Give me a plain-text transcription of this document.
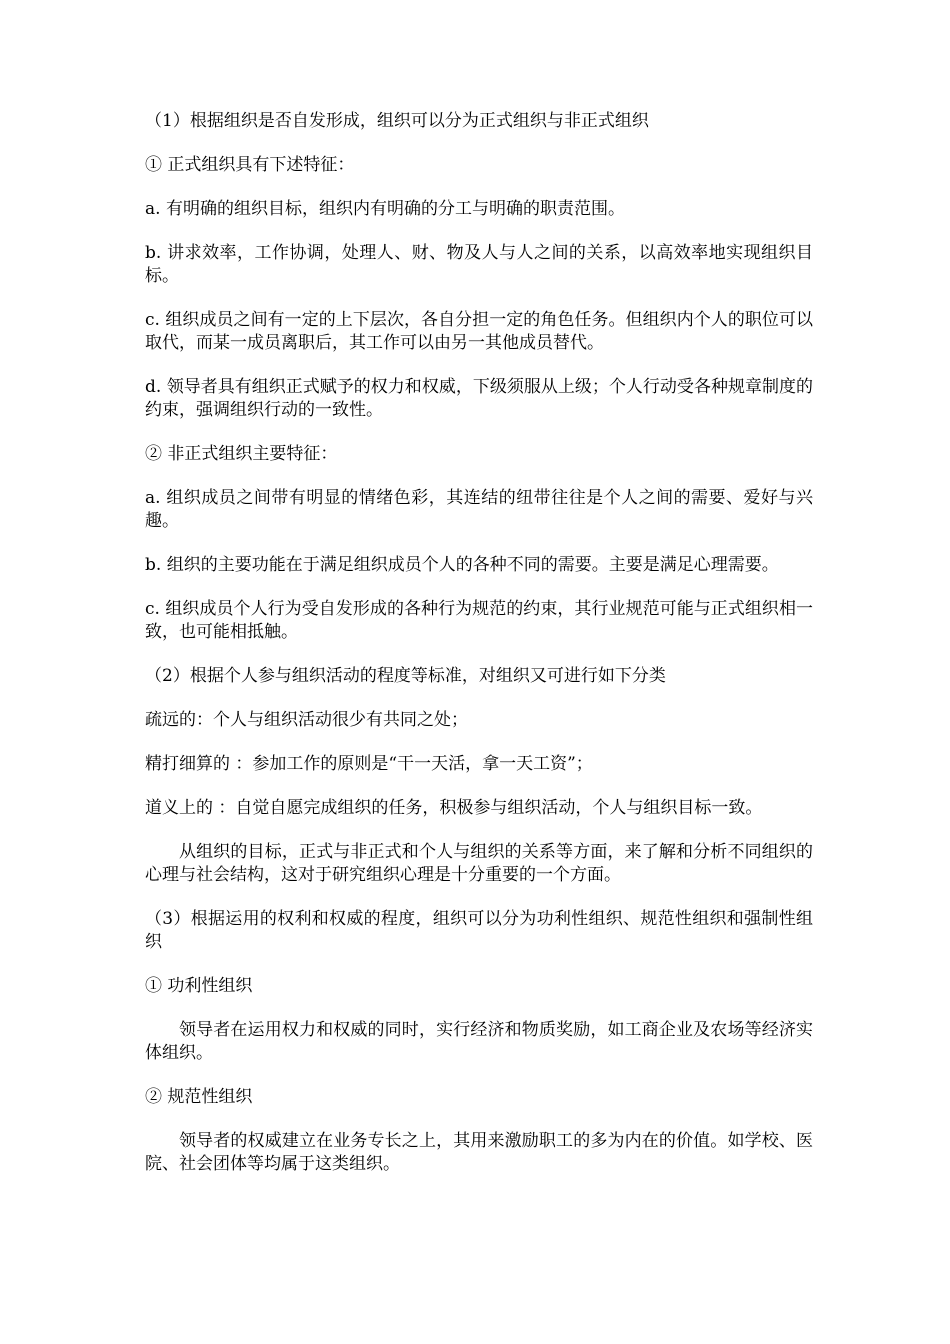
（1）根据组织是否自发形成，组织可以分为正式组织与非正式组织

① 正式组织具有下述特征：

a. 有明确的组织目标，组织内有明确的分工与明确的职责范围。

b. 讲求效率，工作协调，处理人、财、物及人与人之间的关系，以高效率地实现组织目标。

c. 组织成员之间有一定的上下层次，各自分担一定的角色任务。但组织内个人的职位可以取代，而某一成员离职后，其工作可以由另一其他成员替代。

d. 领导者具有组织正式赋予的权力和权威，下级须服从上级；个人行动受各种规章制度的约束，强调组织行动的一致性。

② 非正式组织主要特征：

a. 组织成员之间带有明显的情绪色彩，其连结的纽带往往是个人之间的需要、爱好与兴趣。

b. 组织的主要功能在于满足组织成员个人的各种不同的需要。主要是满足心理需要。

c. 组织成员个人行为受自发形成的各种行为规范的约束，其行业规范可能与正式组织相一致，也可能相抵触。

（2）根据个人参与组织活动的程度等标准，对组织又可进行如下分类

疏远的：个人与组织活动很少有共同之处；

精打细算的 ：参加工作的原则是“干一天活，拿一天工资”；

道义上的 ：自觉自愿完成组织的任务，积极参与组织活动，个人与组织目标一致。

从组织的目标，正式与非正式和个人与组织的关系等方面，来了解和分析不同组织的心理与社会结构，这对于研究组织心理是十分重要的一个方面。

（3）根据运用的权利和权威的程度，组织可以分为功利性组织、规范性组织和强制性组织

① 功利性组织

领导者在运用权力和权威的同时，实行经济和物质奖励，如工商企业及农场等经济实体组织。

② 规范性组织

领导者的权威建立在业务专长之上，其用来激励职工的多为内在的价值。如学校、医院、社会团体等均属于这类组织。
